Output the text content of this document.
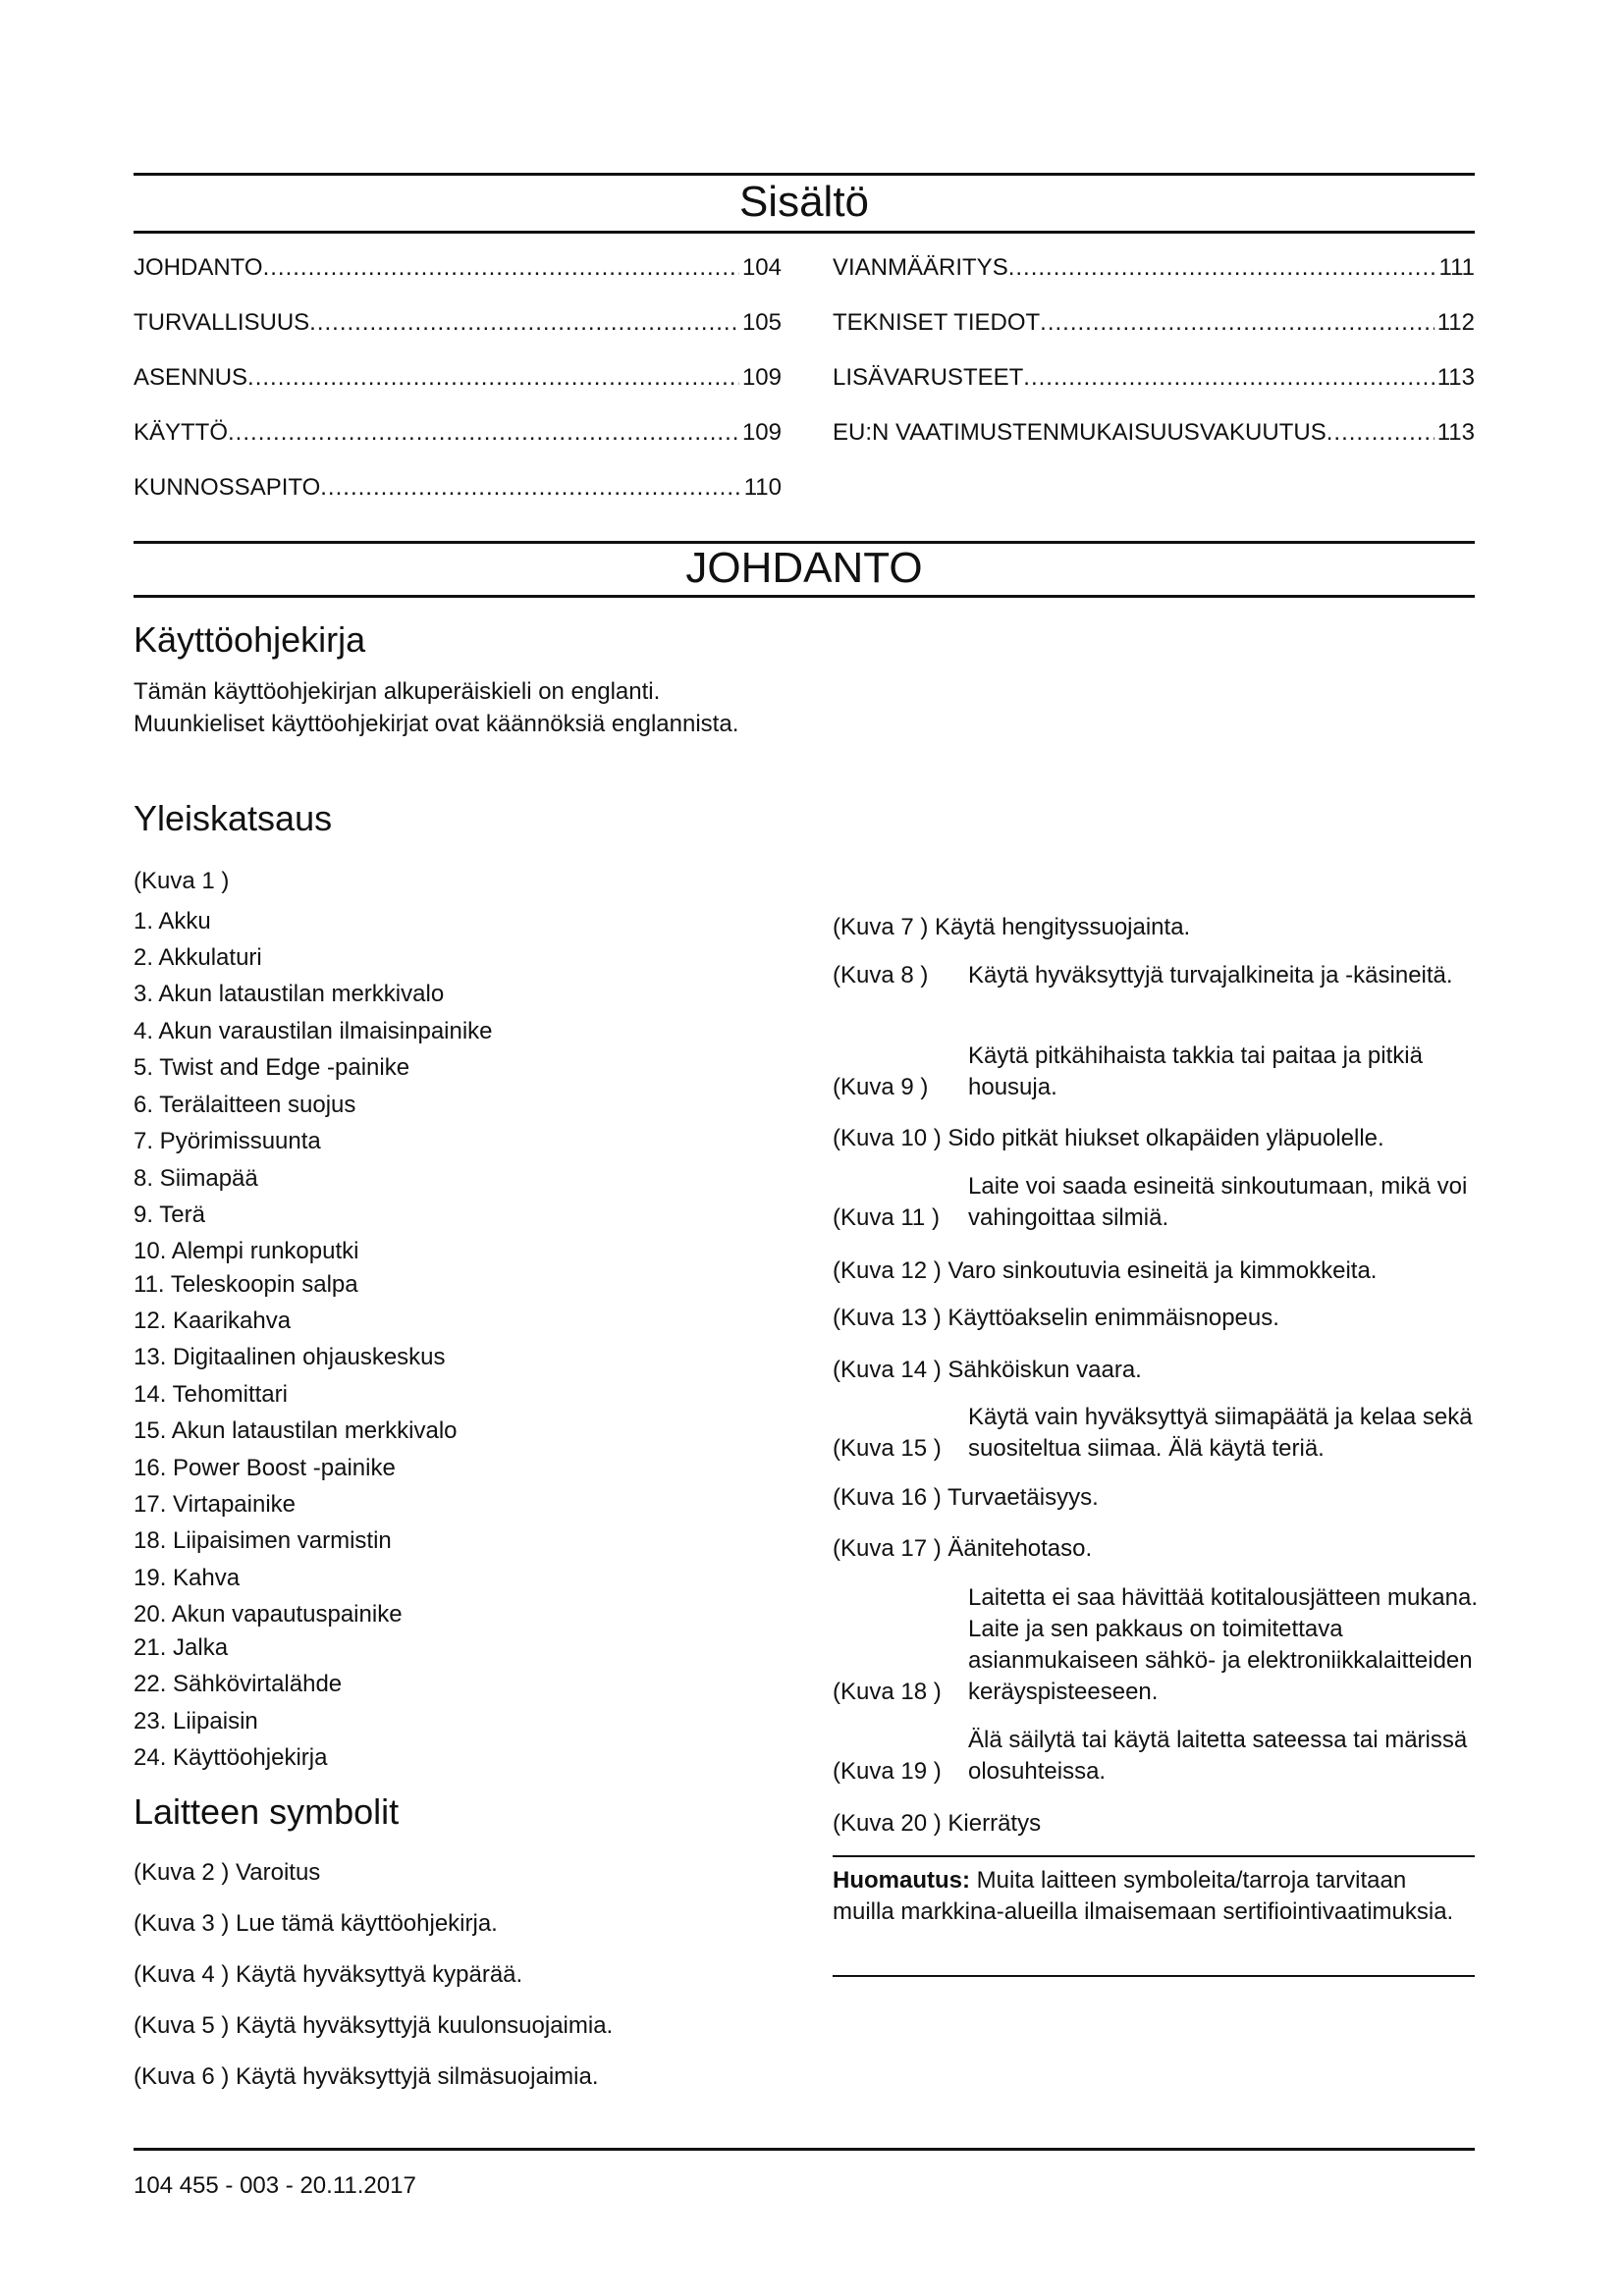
Sisältö
JOHDANTO .....	104
TURVALLISUUS .....	105
ASENNUS .....	109
KÄYTTÖ .....	109
KUNNOSSAPITO .....	110
VIANMÄÄRITYS .....	111
TEKNISET TIEDOT .....	112
LISÄVARUSTEET .....	113
EU:N VAATIMUSTENMUKAISUUSVAKUUTUS .....	113
JOHDANTO
Käyttöohjekirja

Tämän käyttöohjekirjan alkuperäiskieli on englanti. Muunkieliset käyttöohjekirjat ovat käännöksiä englannista.

Yleiskatsaus
(Kuva 1 )
1. Akku
2. Akkulaturi
3. Akun lataustilan merkkivalo
4. Akun varaustilan ilmaisinpainike
5. Twist and Edge -painike
6. Terälaitteen suojus
7. Pyörimissuunta
8. Siimapää
9. Terä
10. Alempi runkoputki
11. Teleskoopin salpa
12. Kaarikahva
13. Digitaalinen ohjauskeskus
14. Tehomittari
15. Akun lataustilan merkkivalo
16. Power Boost -painike
17. Virtapainike
18. Liipaisimen varmistin
19. Kahva
20. Akun vapautuspainike
21. Jalka
22. Sähkövirtalähde
23. Liipaisin
24. Käyttöohjekirja
Laitteen symbolit
(Kuva 2 ) Varoitus
(Kuva 3 ) Lue tämä käyttöohjekirja.
(Kuva 4 ) Käytä hyväksyttyä kypärää.
(Kuva 5 ) Käytä hyväksyttyjä kuulonsuojaimia.
(Kuva 6 ) Käytä hyväksyttyjä silmäsuojaimia.
(Kuva 7 ) Käytä hengityssuojainta.
(Kuva 8 ) Käytä hyväksyttyjä turvajalkineita ja -käsineitä.
(Kuva 9 )
Käytä pitkähihaista takkia tai paitaa ja pitkiä housuja.
(Kuva 10 ) Sido pitkät hiukset olkapäiden yläpuolelle.
(Kuva 11 )
Laite voi saada esineitä sinkoutumaan, mikä voi vahingoittaa silmiä.
(Kuva 12 ) Varo sinkoutuvia esineitä ja kimmokkeita.
(Kuva 13 ) Käyttöakselin enimmäisnopeus.
(Kuva 14 ) Sähköiskun vaara.
(Kuva 15 )
Käytä vain hyväksyttyä siimapäätä ja kelaa sekä suositeltua siimaa. Älä käytä teriä.
(Kuva 16 ) Turvaetäisyys.
(Kuva 17 ) Äänitehotaso.
(Kuva 18 )
Laitetta ei saa hävittää kotitalousjätteen mukana. Laite ja sen pakkaus on toimitettava asianmukaiseen sähkö- ja elektroniikkalaitteiden keräyspisteeseen.
(Kuva 19 )
Älä säilytä tai käytä laitetta sateessa tai märissä olosuhteissa.
(Kuva 20 ) Kierrätys

Huomautus: Muita laitteen symboleita/tarroja tarvitaan muilla markkina-alueilla ilmaisemaan sertifiointivaatimuksia.

104 455 - 003 - 20.11.2017
